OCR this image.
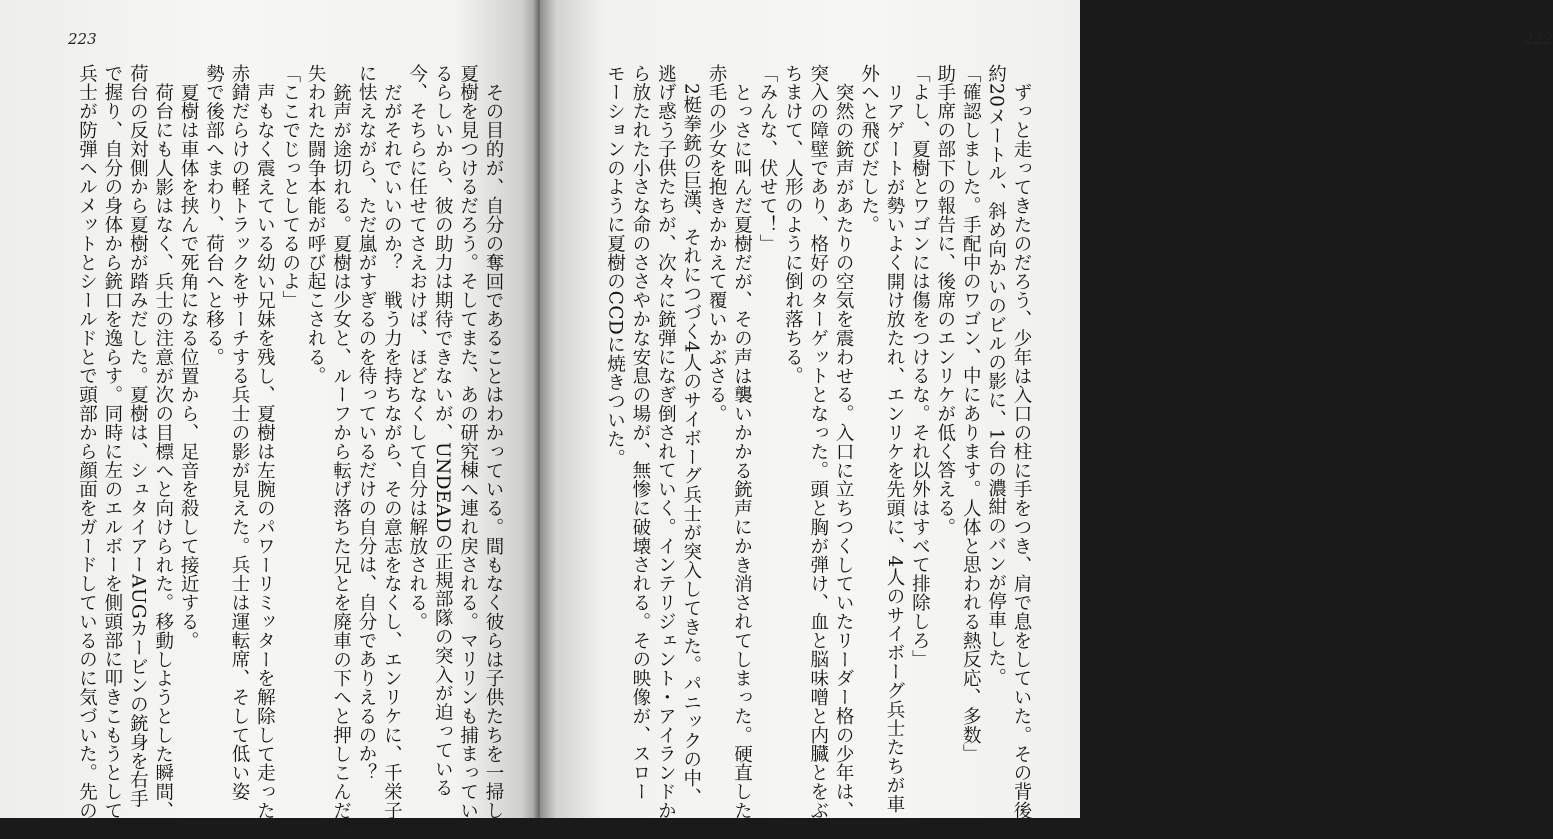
223
その目的が、自分の奪回であることはわかっている。間もなく彼らは子供たちを一掃し、
夏樹を見つけるだろう。そしてまた、あの研究棟へ連れ戻される。マリリンも捕まってい
るらしいから、彼の助力は期待できないが、UNDEADの正規部隊の突入が迫っている
今、そちらに任せてさえおけば、ほどなくして自分は解放される。
だがそれでいいのか？　戦う力を持ちながら、その意志をなくし、エンリケに、千栄子
に怯えながら、ただ嵐がすぎるのを待っているだけの自分は、自分でありえるのか？
銃声が途切れる。夏樹は少女と、ルーフから転げ落ちた兄とを廃車の下へと押しこんだ。
失われた闘争本能が呼び起こされる。
「ここでじっとしてるのよ」
声もなく震えている幼い兄妹を残し、夏樹は左腕のパワーリミッターを解除して走った。
赤錆だらけの軽トラックをサーチする兵士の影が見えた。兵士は運転席、そして低い姿
勢で後部へまわり、荷台へと移る。
夏樹は車体を挟んで死角になる位置から、足音を殺して接近する。
荷台にも人影はなく、兵士の注意が次の目標へと向けられた。移動しようとした瞬間、
荷台の反対側から夏樹が踏みだした。夏樹は、シュタイアーAUGカービンの銃身を右手
で握り、自分の身体から銃口を逸らす。同時に左のエルボーを側頭部に叩きこもうとして、
兵士が防弾ヘルメットとシールドとで頭部から顔面をガードしているのに気づいた。先の
222
ずっと走ってきたのだろう、少年は入口の柱に手をつき、肩で息をしていた。その背後
約20メートル、斜め向かいのビルの影に、1台の濃紺のバンが停車した。
「確認しました。手配中のワゴン、中にあります。人体と思われる熱反応、多数」
助手席の部下の報告に、後席のエンリケが低く答える。
「よし、夏樹とワゴンには傷をつけるな。それ以外はすべて排除しろ」
リアゲートが勢いよく開け放たれ、エンリケを先頭に、4人のサイボーグ兵士たちが車
外へと飛びだした。
突然の銃声があたりの空気を震わせる。入口に立ちつくしていたリーダー格の少年は、
突入の障壁であり、格好のターゲットとなった。頭と胸が弾け、血と脳味噌と内臓とをぶ
ちまけて、人形のように倒れ落ちる。
「みんな、伏せて！」
とっさに叫んだ夏樹だが、その声は襲いかかる銃声にかき消されてしまった。硬直した
赤毛の少女を抱きかかえて覆いかぶさる。
2梃拳銃の巨漢、それにつづく4人のサイボーグ兵士が突入してきた。パニックの中、
逃げ惑う子供たちが、次々に銃弾になぎ倒されていく。インテリジェント・アイランドか
ら放たれた小さな命のささやかな安息の場が、無惨に破壊される。その映像が、スロー
モーションのように夏樹のCCDに焼きついた。
